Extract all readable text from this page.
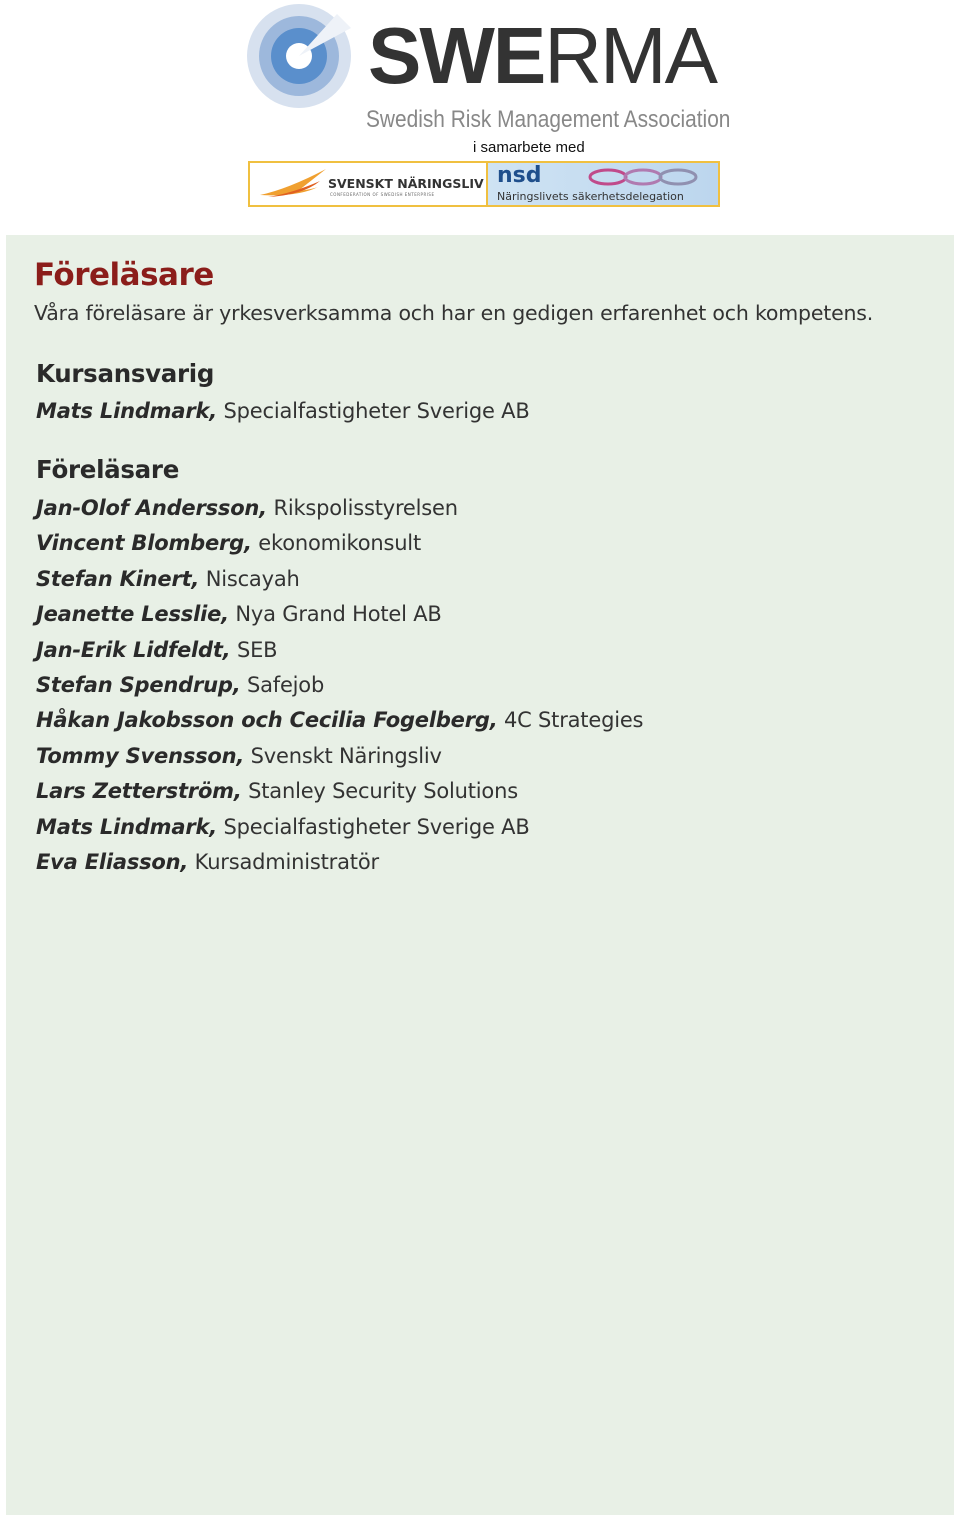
SWERMA
Swedish Risk Management Association
i samarbete med
SVENSKT NÄRINGSLIV
CONFEDERATION OF SWEDISH ENTERPRISE
nsd
Näringslivets säkerhetsdelegation
Föreläsare
Våra föreläsare är yrkesverksamma och har en gedigen erfarenhet och kompetens.
Kursansvarig
Mats Lindmark, Specialfastigheter Sverige AB
Föreläsare
Jan-Olof Andersson, Rikspolisstyrelsen
Vincent Blomberg, ekonomikonsult
Stefan Kinert, Niscayah
Jeanette Lesslie, Nya Grand Hotel AB
Jan-Erik Lidfeldt, SEB
Stefan Spendrup, Safejob
Håkan Jakobsson och Cecilia Fogelberg, 4C Strategies
Tommy Svensson, Svenskt Näringsliv
Lars Zetterström, Stanley Security Solutions
Mats Lindmark, Specialfastigheter Sverige AB
Eva Eliasson, Kursadministratör
